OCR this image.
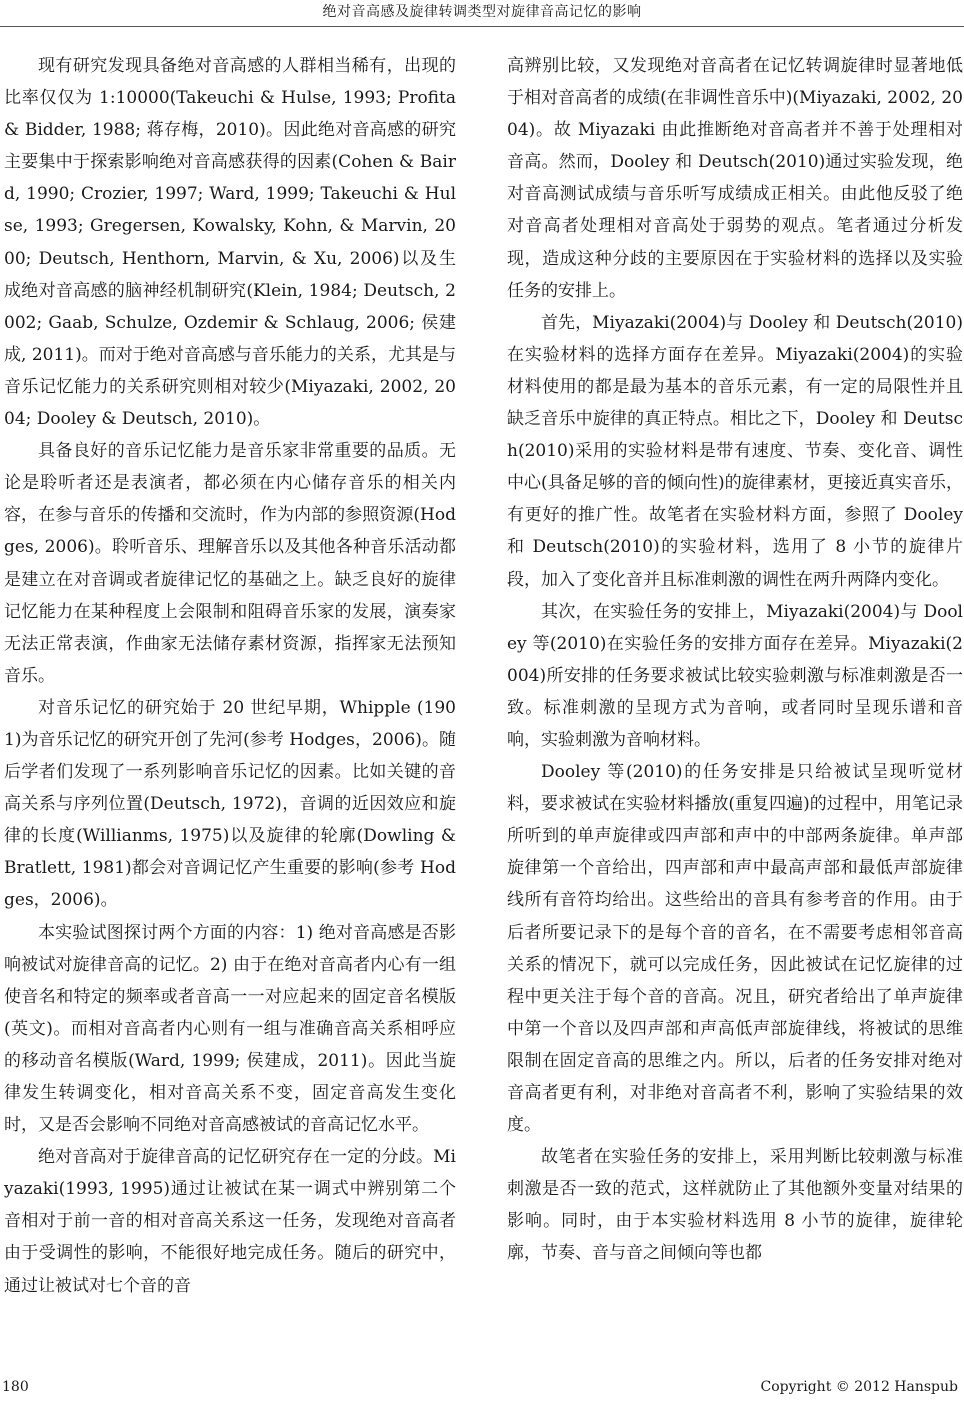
绝对音高感及旋律转调类型对旋律音高记忆的影响

现有研究发现具备绝对音高感的人群相当稀有，出现的比率仅仅为 1:10000(Takeuchi & Hulse, 1993; Profita & Bidder, 1988; 蒋存梅，2010)。因此绝对音高感的研究主要集中于探索影响绝对音高感获得的因素(Cohen & Baird, 1990; Crozier, 1997; Ward, 1999; Takeuchi & Hulse, 1993; Gregersen, Kowalsky, Kohn, & Marvin, 2000; Deutsch, Henthorn, Marvin, & Xu, 2006)以及生成绝对音高感的脑神经机制研究(Klein, 1984; Deutsch, 2002; Gaab, Schulze, Ozdemir & Schlaug, 2006; 侯建成, 2011)。而对于绝对音高感与音乐能力的关系，尤其是与音乐记忆能力的关系研究则相对较少(Miyazaki, 2002, 2004; Dooley & Deutsch, 2010)。

具备良好的音乐记忆能力是音乐家非常重要的品质。无论是聆听者还是表演者，都必须在内心储存音乐的相关内容，在参与音乐的传播和交流时，作为内部的参照资源(Hodges, 2006)。聆听音乐、理解音乐以及其他各种音乐活动都是建立在对音调或者旋律记忆的基础之上。缺乏良好的旋律记忆能力在某种程度上会限制和阻碍音乐家的发展，演奏家无法正常表演，作曲家无法储存素材资源，指挥家无法预知音乐。

对音乐记忆的研究始于 20 世纪早期，Whipple (1901)为音乐记忆的研究开创了先河(参考 Hodges，2006)。随后学者们发现了一系列影响音乐记忆的因素。比如关键的音高关系与序列位置(Deutsch, 1972)，音调的近因效应和旋律的长度(Willianms, 1975)以及旋律的轮廓(Dowling & Bratlett, 1981)都会对音调记忆产生重要的影响(参考 Hodges，2006)。

本实验试图探讨两个方面的内容：1) 绝对音高感是否影响被试对旋律音高的记忆。2) 由于在绝对音高者内心有一组使音名和特定的频率或者音高一一对应起来的固定音名模版(英文)。而相对音高者内心则有一组与准确音高关系相呼应的移动音名模版(Ward, 1999; 侯建成，2011)。因此当旋律发生转调变化，相对音高关系不变，固定音高发生变化时，又是否会影响不同绝对音高感被试的音高记忆水平。

绝对音高对于旋律音高的记忆研究存在一定的分歧。Miyazaki(1993, 1995)通过让被试在某一调式中辨别第二个音相对于前一音的相对音高关系这一任务，发现绝对音高者由于受调性的影响，不能很好地完成任务。随后的研究中，通过让被试对七个音的音

高辨别比较，又发现绝对音高者在记忆转调旋律时显著地低于相对音高者的成绩(在非调性音乐中)(Miyazaki, 2002, 2004)。故 Miyazaki 由此推断绝对音高者并不善于处理相对音高。然而，Dooley 和 Deutsch(2010)通过实验发现，绝对音高测试成绩与音乐听写成绩成正相关。由此他反驳了绝对音高者处理相对音高处于弱势的观点。笔者通过分析发现，造成这种分歧的主要原因在于实验材料的选择以及实验任务的安排上。

首先，Miyazaki(2004)与 Dooley 和 Deutsch(2010)在实验材料的选择方面存在差异。Miyazaki(2004)的实验材料使用的都是最为基本的音乐元素，有一定的局限性并且缺乏音乐中旋律的真正特点。相比之下，Dooley 和 Deutsch(2010)采用的实验材料是带有速度、节奏、变化音、调性中心(具备足够的音的倾向性)的旋律素材，更接近真实音乐，有更好的推广性。故笔者在实验材料方面，参照了 Dooley 和 Deutsch(2010)的实验材料，选用了 8 小节的旋律片段，加入了变化音并且标准刺激的调性在两升两降内变化。

其次，在实验任务的安排上，Miyazaki(2004)与 Dooley 等(2010)在实验任务的安排方面存在差异。Miyazaki(2004)所安排的任务要求被试比较实验刺激与标准刺激是否一致。标准刺激的呈现方式为音响，或者同时呈现乐谱和音响，实验刺激为音响材料。

Dooley 等(2010)的任务安排是只给被试呈现听觉材料，要求被试在实验材料播放(重复四遍)的过程中，用笔记录所听到的单声旋律或四声部和声中的中部两条旋律。单声部旋律第一个音给出，四声部和声中最高声部和最低声部旋律线所有音符均给出。这些给出的音具有参考音的作用。由于后者所要记录下的是每个音的音名，在不需要考虑相邻音高关系的情况下，就可以完成任务，因此被试在记忆旋律的过程中更关注于每个音的音高。况且，研究者给出了单声旋律中第一个音以及四声部和声高低声部旋律线，将被试的思维限制在固定音高的思维之内。所以，后者的任务安排对绝对音高者更有利，对非绝对音高者不利，影响了实验结果的效度。

故笔者在实验任务的安排上，采用判断比较刺激与标准刺激是否一致的范式，这样就防止了其他额外变量对结果的影响。同时，由于本实验材料选用 8 小节的旋律，旋律轮廓，节奏、音与音之间倾向等也都

180	Copyright © 2012 Hanspub
